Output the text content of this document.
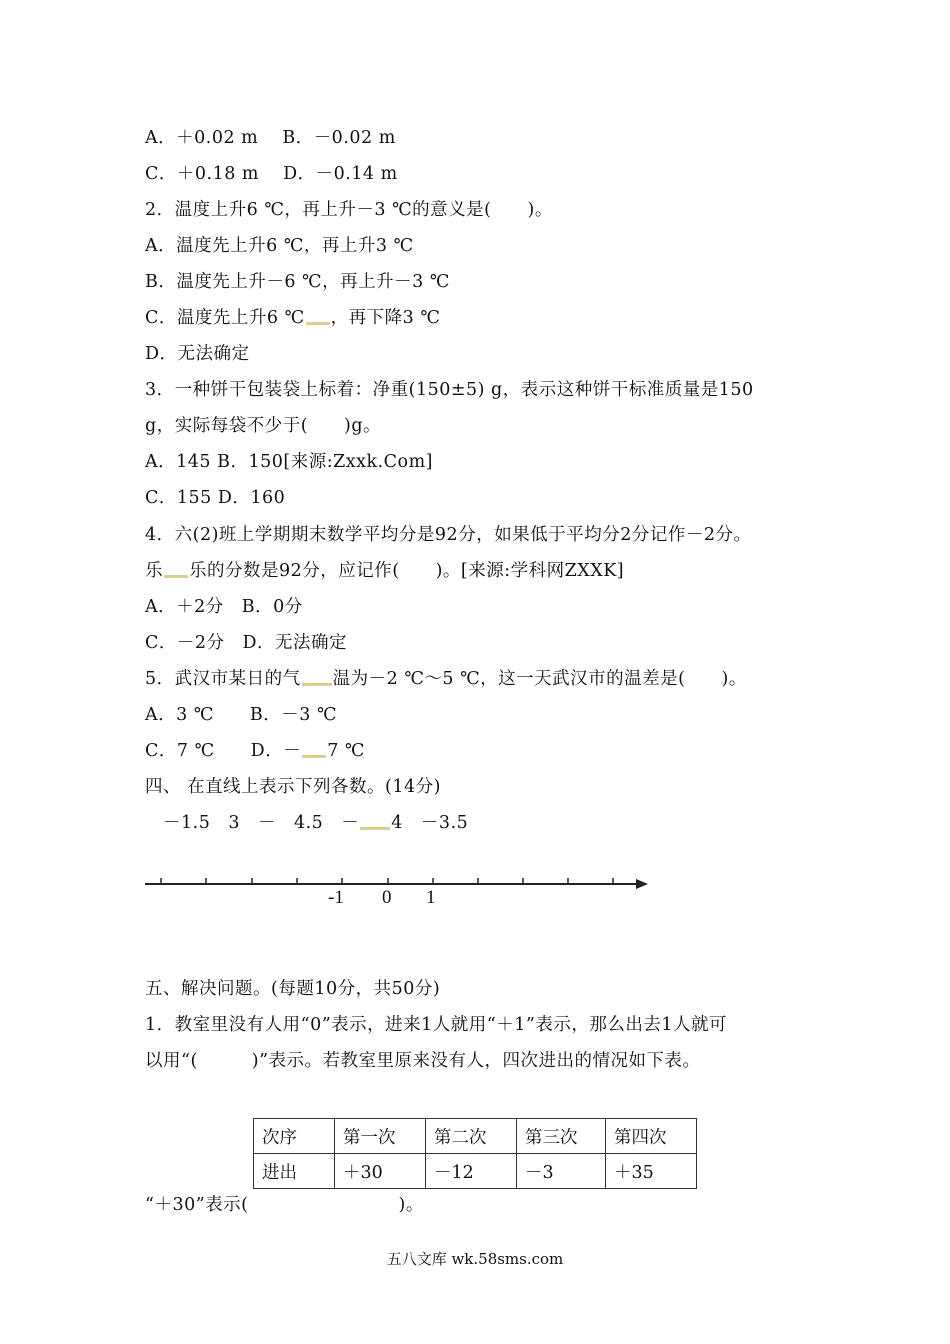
A．＋0.02 m　 B．－0.02 m
C．＋0.18 m　 D．－0.14 m
2．温度上升6 ℃，再上升－3 ℃的意义是(　　)。
A．温度先上升6 ℃，再上升3 ℃
B．温度先上升－6 ℃，再上升－3 ℃
C．温度先上升6 ℃ ，再下降3 ℃
D．无法确定
3．一种饼干包装袋上标着：净重(150±5) g，表示这种饼干标准质量是150
g，实际每袋不少于(　　)g。
A．145 B．150[来源:Zxxk.Com]
C．155 D．160
4．六(2)班上学期期末数学平均分是92分，如果低于平均分2分记作－2分。
乐 乐的分数是92分，应记作(　　)。[来源:学科网ZXXK]
A．＋2分　B．0分
C．－2分　D．无法确定
5．武汉市某日的气 温为－2 ℃～5 ℃，这一天武汉市的温差是(　　)。
A．3 ℃　　B．－3 ℃
C．7 ℃　　D．－ 7 ℃
四、 在直线上表示下列各数。(14分)
　－1.5　3　－　4.5　－ 4　－3.5
-1 0 1
五、解决问题。(每题10分，共50分)
1．教室里没有人用“0”表示，进来1人就用“＋1”表示，那么出去1人就可
以用“(　　　)”表示。若教室里原来没有人，四次进出的情况如下表。
次序	第一次	第二次	第三次	第四次
进出	＋30	－12	－3	＋35
“＋30”表示(　　　　　　　　 )。
五八文库 wk.58sms.com
